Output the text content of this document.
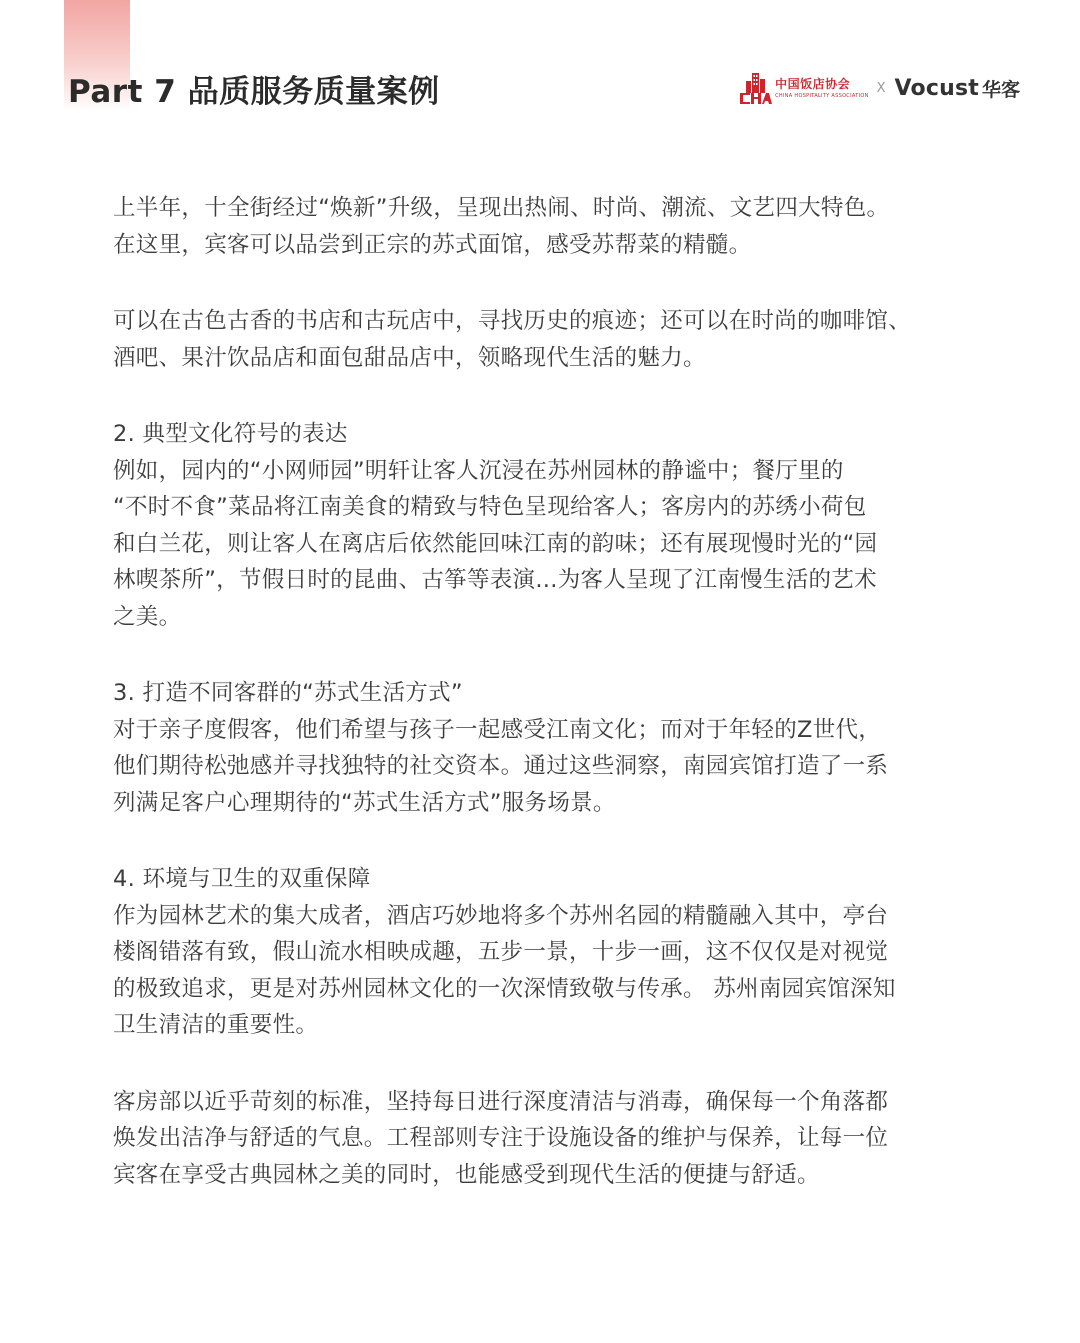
Part 7 品质服务质量案例	中国饭店协会
CHINA HOSPITALITY ASSOCIATION X Vocust 华客

上半年，十全街经过“焕新”升级，呈现出热闹、时尚、潮流、文艺四大特色。

在这里，宾客可以品尝到正宗的苏式面馆，感受苏帮菜的精髓。

可以在古色古香的书店和古玩店中，寻找历史的痕迹；还可以在时尚的咖啡馆、

酒吧、果汁饮品店和面包甜品店中，领略现代生活的魅力。

2. 典型文化符号的表达

例如，园内的“小网师园”明轩让客人沉浸在苏州园林的静谧中；餐厅里的

“不时不食”菜品将江南美食的精致与特色呈现给客人；客房内的苏绣小荷包

和白兰花，则让客人在离店后依然能回味江南的韵味；还有展现慢时光的“园

林喫茶所”，节假日时的昆曲、古筝等表演...为客人呈现了江南慢生活的艺术

之美。

3. 打造不同客群的“苏式生活方式”

对于亲子度假客，他们希望与孩子一起感受江南文化；而对于年轻的Z世代，

他们期待松弛感并寻找独特的社交资本。通过这些洞察，南园宾馆打造了一系

列满足客户心理期待的“苏式生活方式”服务场景。

4. 环境与卫生的双重保障

作为园林艺术的集大成者，酒店巧妙地将多个苏州名园的精髓融入其中，亭台

楼阁错落有致，假山流水相映成趣，五步一景，十步一画，这不仅仅是对视觉

的极致追求，更是对苏州园林文化的一次深情致敬与传承。 苏州南园宾馆深知

卫生清洁的重要性。

客房部以近乎苛刻的标准，坚持每日进行深度清洁与消毒，确保每一个角落都

焕发出洁净与舒适的气息。工程部则专注于设施设备的维护与保养，让每一位

宾客在享受古典园林之美的同时，也能感受到现代生活的便捷与舒适。
